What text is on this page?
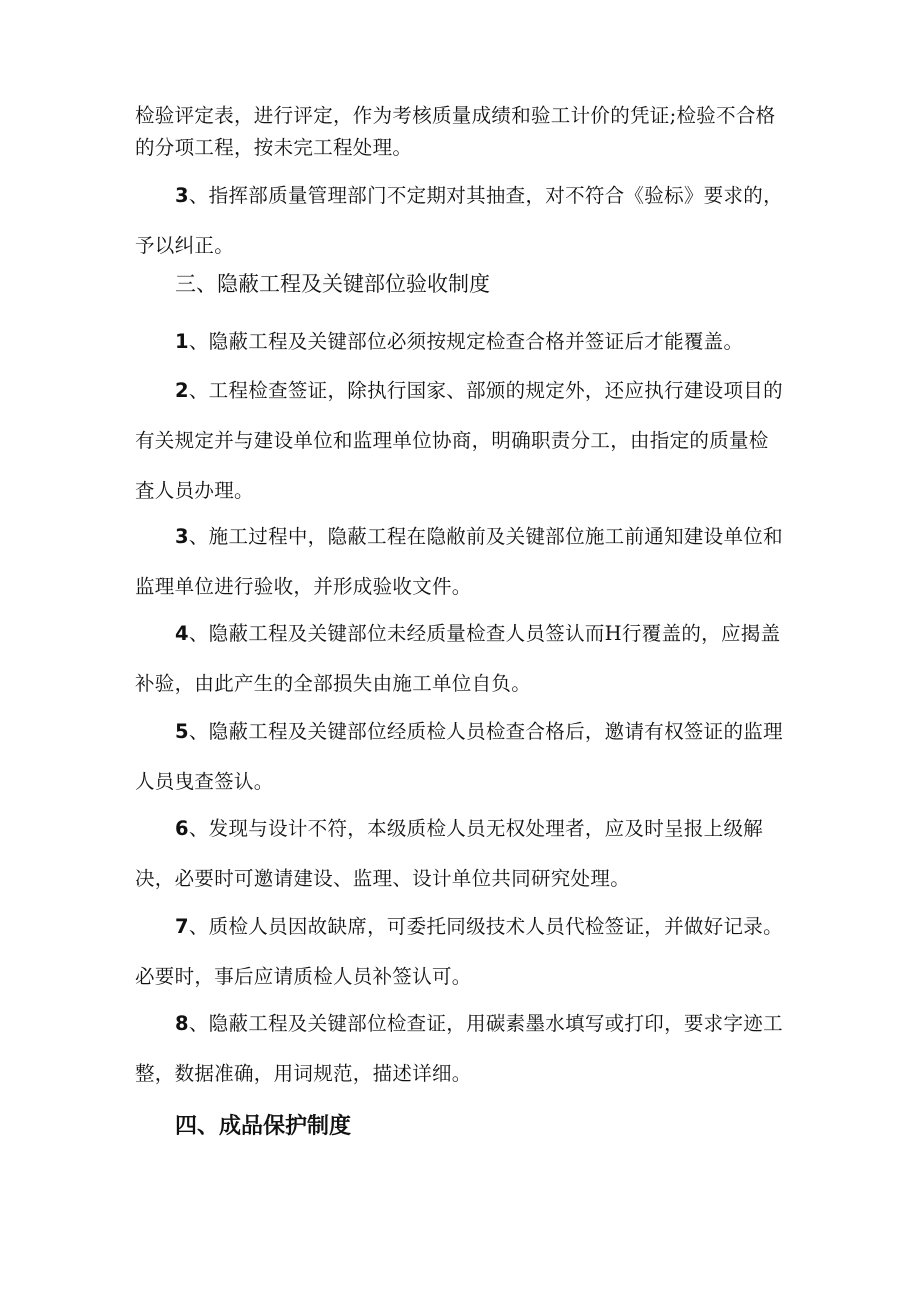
检验评定表，进行评定，作为考核质量成绩和验工计价的凭证;检验不合格的分项工程，按未完工程处理。

3、指挥部质量管理部门不定期对其抽查，对不符合《验标》要求的，予以纠正。

三、隐蔽工程及关键部位验收制度

1、隐蔽工程及关键部位必须按规定检查合格并签证后才能覆盖。

2、工程检查签证，除执行国家、部颁的规定外，还应执行建设项目的有关规定并与建设单位和监理单位协商，明确职责分工，由指定的质量检査人员办理。

3、施工过程中，隐蔽工程在隐敝前及关键部位施工前通知建设单位和监理单位进行验收，并形成验收文件。

4、隐蔽工程及关键部位未经质量检查人员签认而H行覆盖的，应揭盖补验，由此产生的全部损失由施工单位自负。

5、隐蔽工程及关键部位经质检人员检查合格后，邀请有权签证的监理人员曳查签认。

6、发现与设计不符，本级质检人员无权处理者，应及时呈报上级解决，必要时可邀请建设、监理、设计单位共同研究处理。

7、质检人员因故缺席，可委托同级技术人员代检签证，并做好记录。必要时，事后应请质检人员补签认可。

8、隐蔽工程及关键部位检查证，用碳素墨水填写或打印，要求字迹工整，数据准确，用词规范，描述详细。

四、成品保护制度
